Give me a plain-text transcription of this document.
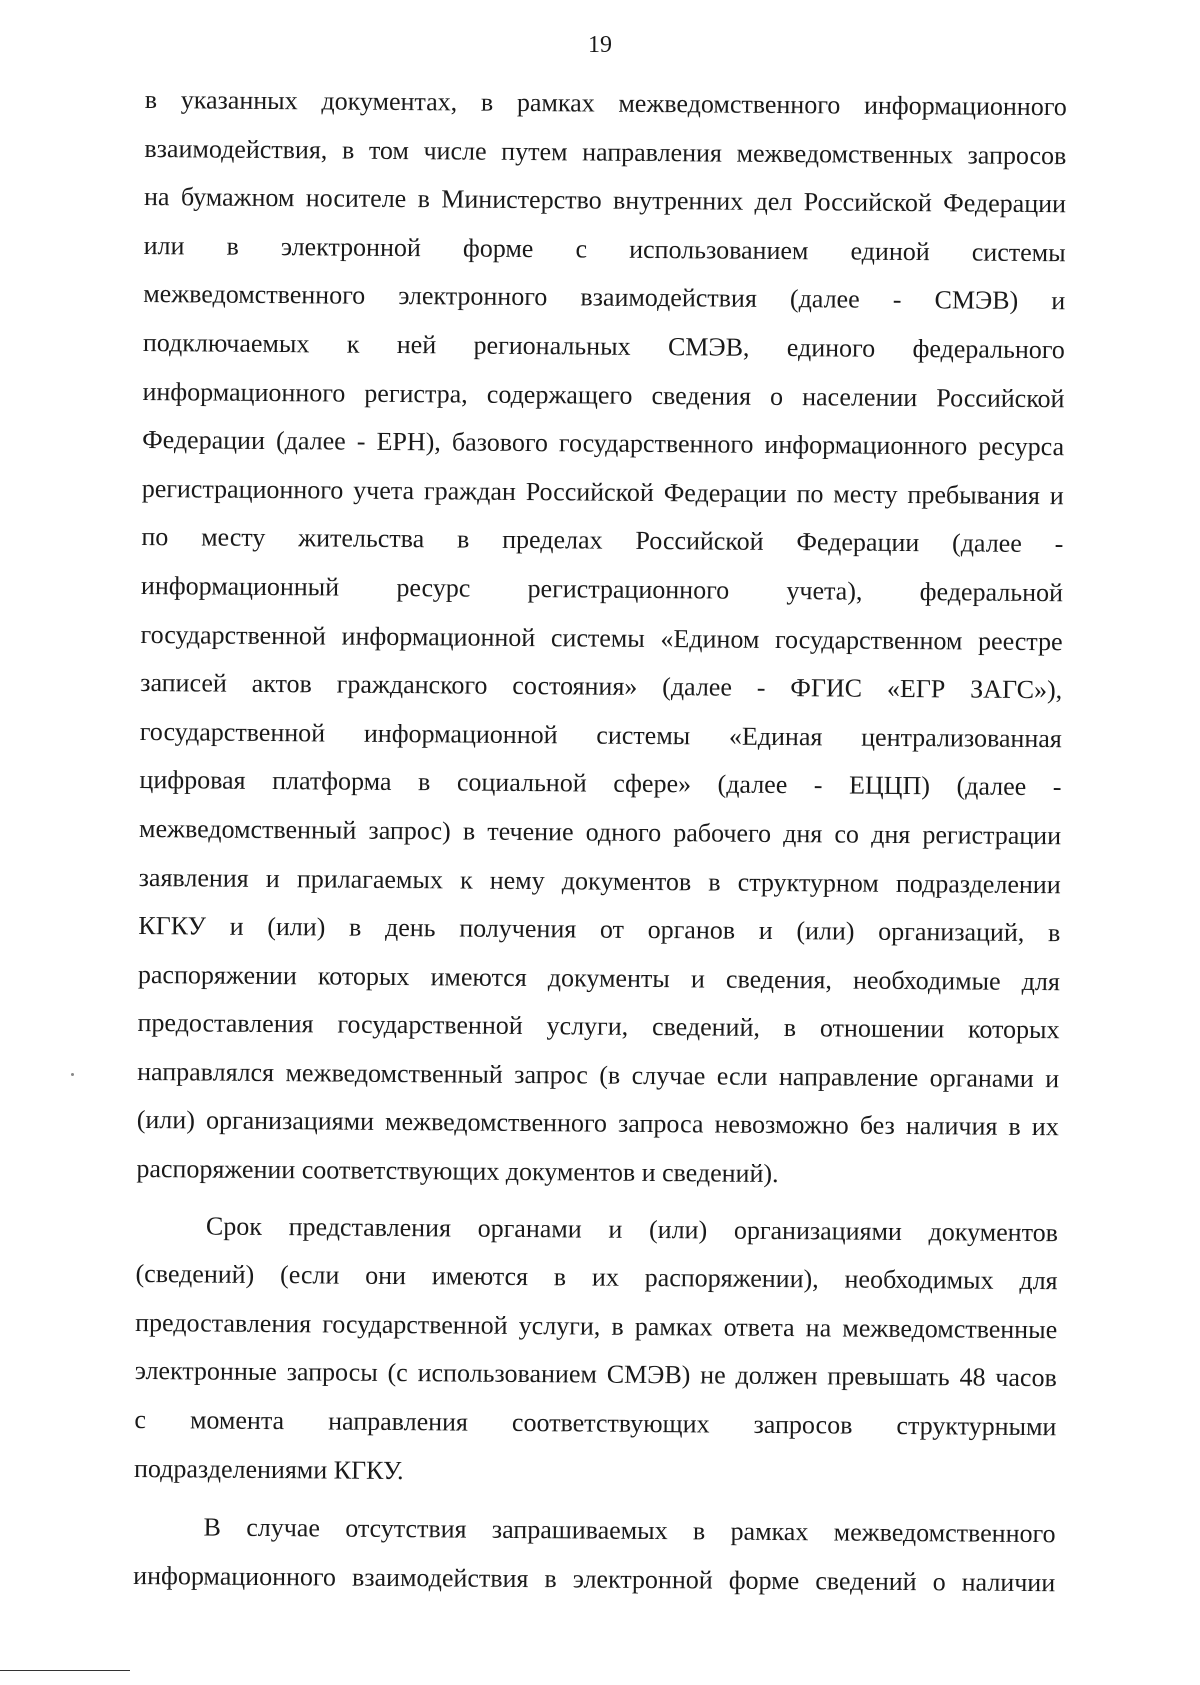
19
в указанных документах, в рамках межведомственного информационного
взаимодействия, в том числе путем направления межведомственных запросов
на бумажном носителе в Министерство внутренних дел Российской Федерации
или в электронной форме с использованием единой системы
межведомственного электронного взаимодействия (далее - СМЭВ) и
подключаемых к ней региональных СМЭВ, единого федерального
информационного регистра, содержащего сведения о населении Российской
Федерации (далее - ЕРН), базового государственного информационного ресурса
регистрационного учета граждан Российской Федерации по месту пребывания и
по месту жительства в пределах Российской Федерации (далее -
информационный ресурс регистрационного учета), федеральной
государственной информационной системы «Едином государственном реестре
записей актов гражданского состояния» (далее - ФГИС «ЕГР ЗАГС»),
государственной информационной системы «Единая централизованная
цифровая платформа в социальной сфере» (далее - ЕЦЦП) (далее -
межведомственный запрос) в течение одного рабочего дня со дня регистрации
заявления и прилагаемых к нему документов в структурном подразделении
КГКУ и (или) в день получения от органов и (или) организаций, в
распоряжении которых имеются документы и сведения, необходимые для
предоставления государственной услуги, сведений, в отношении которых
направлялся межведомственный запрос (в случае если направление органами и
(или) организациями межведомственного запроса невозможно без наличия в их
распоряжении соответствующих документов и сведений).
Срок представления органами и (или) организациями документов
(сведений) (если они имеются в их распоряжении), необходимых для
предоставления государственной услуги, в рамках ответа на межведомственные
электронные запросы (с использованием СМЭВ) не должен превышать 48 часов
с момента направления соответствующих запросов структурными
подразделениями КГКУ.
В случае отсутствия запрашиваемых в рамках межведомственного
информационного взаимодействия в электронной форме сведений о наличии
